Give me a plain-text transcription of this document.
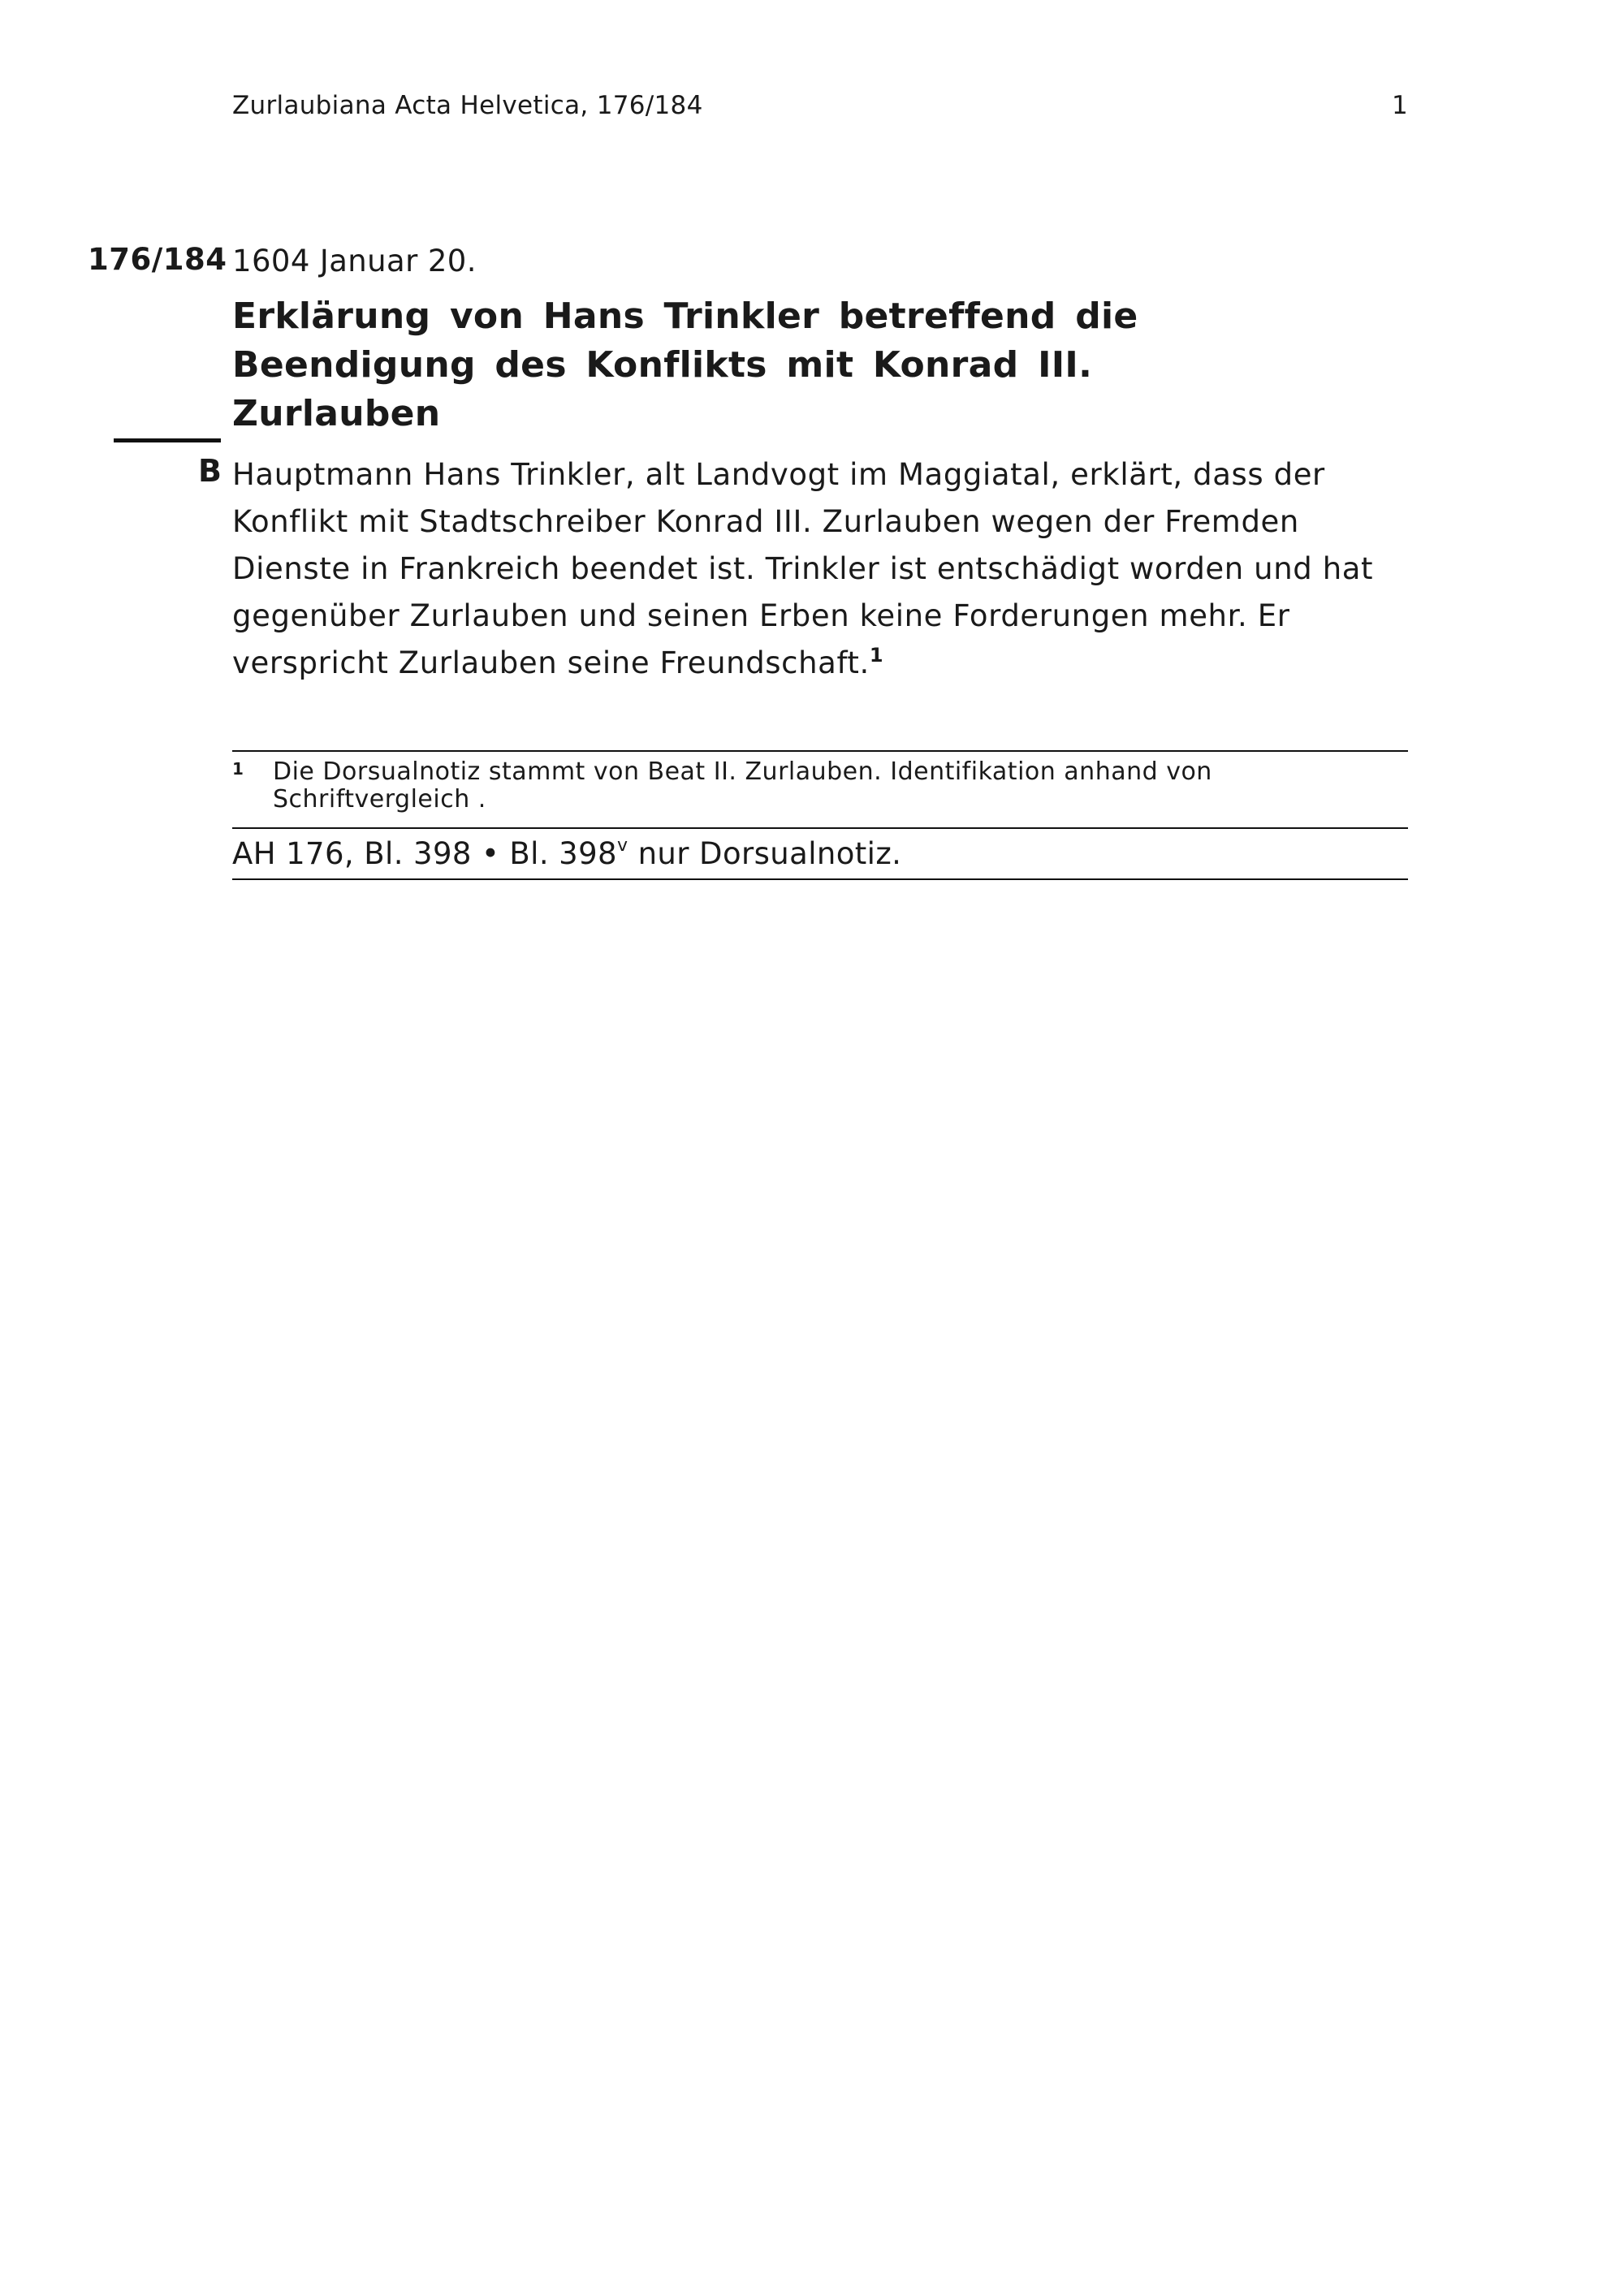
Zurlaubiana Acta Helvetica, 176/184	1
176/184 1604 Januar 20.
Erklärung von Hans Trinkler betreffend die Beendigung des Konflikts mit Konrad III. Zurlauben
B Hauptmann Hans Trinkler, alt Landvogt im Maggiatal, erklärt, dass der Konflikt mit Stadtschreiber Konrad III. Zurlauben wegen der Fremden Dienste in Frankreich beendet ist. Trinkler ist entschädigt worden und hat gegenüber Zurlauben und seinen Erben keine Forderungen mehr. Er verspricht Zurlauben seine Freundschaft.$^1$
1 Die Dorsualnotiz stammt von Beat II. Zurlauben. Identifikation anhand von Schriftvergleich .
AH 176, Bl. 398 • Bl. 398$^v$ nur Dorsualnotiz.
